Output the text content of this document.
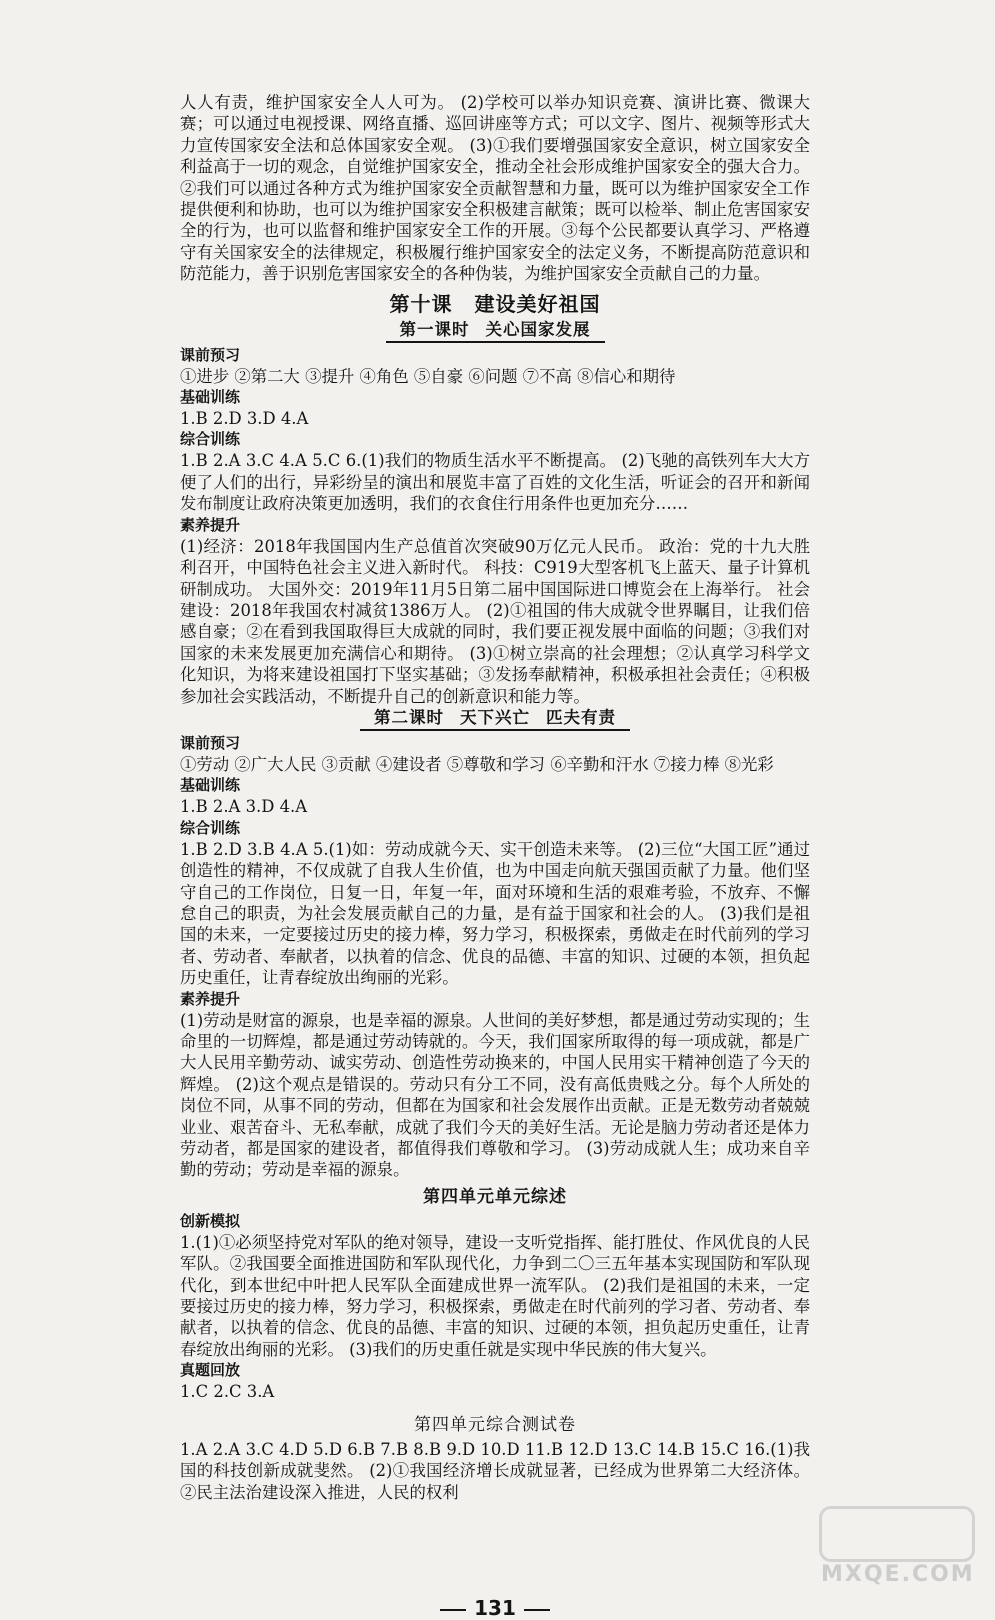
人人有责，维护国家安全人人可为。 (2)学校可以举办知识竞赛、演讲比赛、微课大赛；可以通过电视授课、网络直播、巡回讲座等方式；可以文字、图片、视频等形式大力宣传国家安全法和总体国家安全观。 (3)①我们要增强国家安全意识，树立国家安全利益高于一切的观念，自觉维护国家安全，推动全社会形成维护国家安全的强大合力。②我们可以通过各种方式为维护国家安全贡献智慧和力量，既可以为维护国家安全工作提供便利和协助，也可以为维护国家安全积极建言献策；既可以检举、制止危害国家安全的行为，也可以监督和维护国家安全工作的开展。③每个公民都要认真学习、严格遵守有关国家安全的法律规定，积极履行维护国家安全的法定义务，不断提高防范意识和防范能力，善于识别危害国家安全的各种伪装，为维护国家安全贡献自己的力量。

第十课 建设美好祖国
第一课时 关心国家发展

课前预习

①进步 ②第二大 ③提升 ④角色 ⑤自豪 ⑥问题 ⑦不高 ⑧信心和期待

基础训练

1.B 2.D 3.D 4.A

综合训练

1.B 2.A 3.C 4.A 5.C 6.(1)我们的物质生活水平不断提高。 (2)飞驰的高铁列车大大方便了人们的出行，异彩纷呈的演出和展览丰富了百姓的文化生活，听证会的召开和新闻发布制度让政府决策更加透明，我们的衣食住行用条件也更加充分……

素养提升

(1)经济：2018年我国国内生产总值首次突破90万亿元人民币。 政治：党的十九大胜利召开，中国特色社会主义进入新时代。 科技：C919大型客机飞上蓝天、量子计算机研制成功。 大国外交：2019年11月5日第二届中国国际进口博览会在上海举行。 社会建设：2018年我国农村减贫1386万人。 (2)①祖国的伟大成就令世界瞩目，让我们倍感自豪；②在看到我国取得巨大成就的同时，我们要正视发展中面临的问题；③我们对国家的未来发展更加充满信心和期待。 (3)①树立崇高的社会理想；②认真学习科学文化知识，为将来建设祖国打下坚实基础；③发扬奉献精神，积极承担社会责任；④积极参加社会实践活动，不断提升自己的创新意识和能力等。

第二课时 天下兴亡 匹夫有责

课前预习

①劳动 ②广大人民 ③贡献 ④建设者 ⑤尊敬和学习 ⑥辛勤和汗水 ⑦接力棒 ⑧光彩

基础训练

1.B 2.A 3.D 4.A

综合训练

1.B 2.D 3.B 4.A 5.(1)如：劳动成就今天、实干创造未来等。 (2)三位“大国工匠”通过创造性的精神，不仅成就了自我人生价值，也为中国走向航天强国贡献了力量。他们坚守自己的工作岗位，日复一日，年复一年，面对环境和生活的艰难考验，不放弃、不懈怠自己的职责，为社会发展贡献自己的力量，是有益于国家和社会的人。 (3)我们是祖国的未来，一定要接过历史的接力棒，努力学习，积极探索，勇做走在时代前列的学习者、劳动者、奉献者，以执着的信念、优良的品德、丰富的知识、过硬的本领，担负起历史重任，让青春绽放出绚丽的光彩。

素养提升

(1)劳动是财富的源泉，也是幸福的源泉。人世间的美好梦想，都是通过劳动实现的；生命里的一切辉煌，都是通过劳动铸就的。今天，我们国家所取得的每一项成就，都是广大人民用辛勤劳动、诚实劳动、创造性劳动换来的，中国人民用实干精神创造了今天的辉煌。 (2)这个观点是错误的。劳动只有分工不同，没有高低贵贱之分。每个人所处的岗位不同，从事不同的劳动，但都在为国家和社会发展作出贡献。正是无数劳动者兢兢业业、艰苦奋斗、无私奉献，成就了我们今天的美好生活。无论是脑力劳动者还是体力劳动者，都是国家的建设者，都值得我们尊敬和学习。 (3)劳动成就人生；成功来自辛勤的劳动；劳动是幸福的源泉。

第四单元单元综述

创新模拟

1.(1)①必须坚持党对军队的绝对领导，建设一支听党指挥、能打胜仗、作风优良的人民军队。②我国要全面推进国防和军队现代化，力争到二〇三五年基本实现国防和军队现代化，到本世纪中叶把人民军队全面建成世界一流军队。 (2)我们是祖国的未来，一定要接过历史的接力棒，努力学习，积极探索，勇做走在时代前列的学习者、劳动者、奉献者，以执着的信念、优良的品德、丰富的知识、过硬的本领，担负起历史重任，让青春绽放出绚丽的光彩。 (3)我们的历史重任就是实现中华民族的伟大复兴。

真题回放

1.C 2.C 3.A

第四单元综合测试卷

1.A 2.A 3.C 4.D 5.D 6.B 7.B 8.B 9.D 10.D 11.B 12.D 13.C 14.B 15.C 16.(1)我国的科技创新成就斐然。 (2)①我国经济增长成就显著，已经成为世界第二大经济体。②民主法治建设深入推进，人民的权利

131
MXQE.COM
